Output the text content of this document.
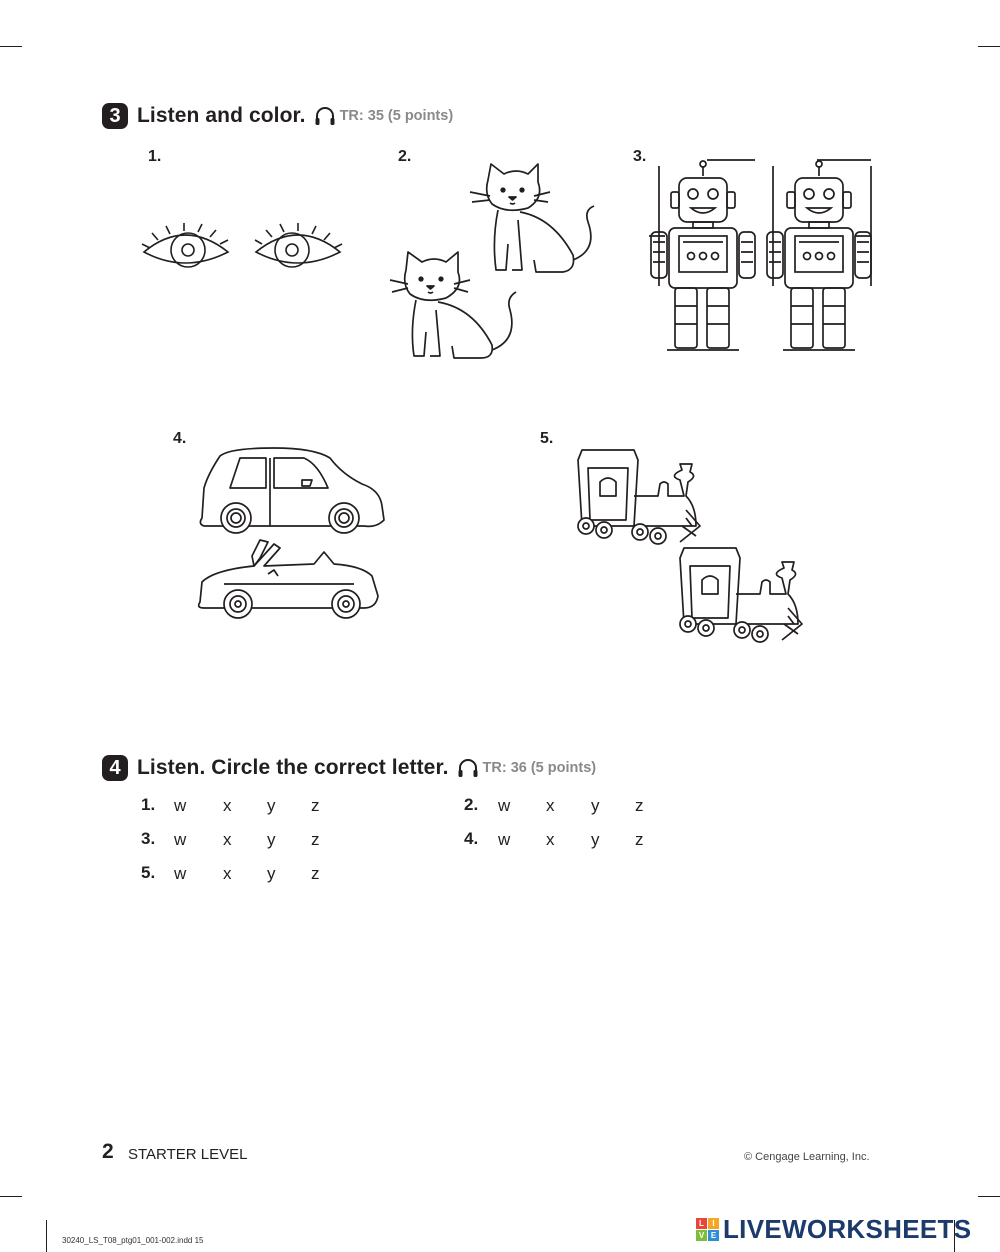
3 Listen and color. TR: 35 (5 points)
1.	2.	3.
4.	5.
4 Listen. Circle the correct letter. TR: 36 (5 points)
1. w x y z	2. w x y z
3. w x y z	4. w x y z
5. w x y z
2 STARTER LEVEL	© Cengage Learning, Inc.
30240_LS_T08_ptg01_001-002.indd 15
L	I
V E LIVEWORKSHEETS
